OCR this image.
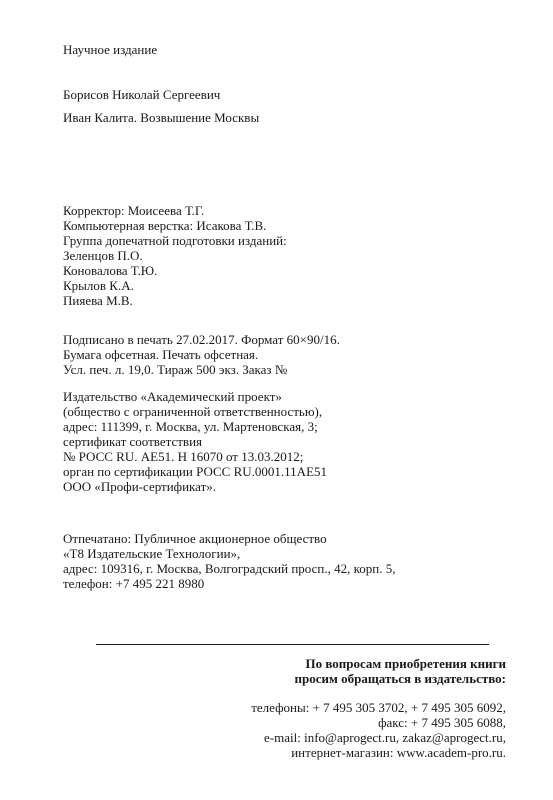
Научное издание
Борисов Николай Сергеевич
Иван Калита. Возвышение Москвы
Корректор: Моисеева Т.Г.
Компьютерная верстка: Исакова Т.В.
Группа допечатной подготовки изданий:
Зеленцов П.О.
Коновалова Т.Ю.
Крылов К.А.
Пияева М.В.
Подписано в печать 27.02.2017. Формат 60×90/16.
Бумага офсетная. Печать офсетная.
Усл. печ. л. 19,0. Тираж 500 экз. Заказ №
Издательство «Академический проект»
(общество с ограниченной ответственностью),
адрес: 111399, г. Москва, ул. Мартеновская, 3;
сертификат соответствия
№ РОСС RU. АЕ51. Н 16070 от 13.03.2012;
орган по сертификации РОСС RU.0001.11АЕ51
ООО «Профи-сертификат».
Отпечатано: Публичное акционерное общество
«Т8 Издательские Технологии»,
адрес: 109316, г. Москва, Волгоградский просп., 42, корп. 5,
телефон: +7 495 221 8980
По вопросам приобретения книги
просим обращаться в издательство:
телефоны: + 7 495 305 3702, + 7 495 305 6092,
факс: + 7 495 305 6088,
e-mail: info@aprogect.ru, zakaz@aprogect.ru,
интернет-магазин: www.academ-pro.ru.
